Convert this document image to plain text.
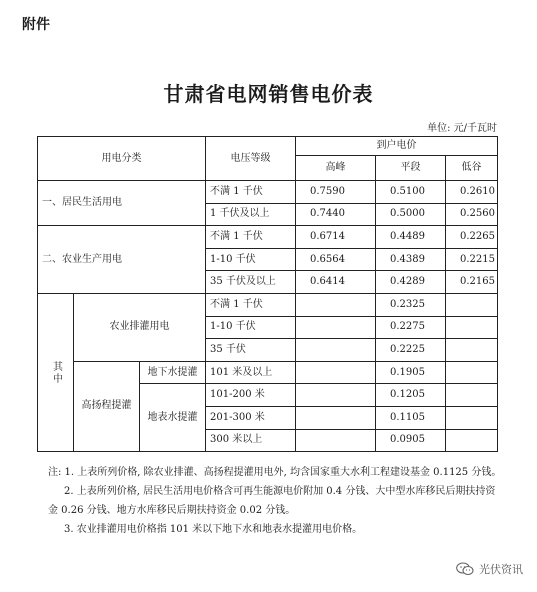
附件
甘肃省电网销售电价表
单位: 元/千瓦时
用电分类			电压等级	到户电价		
				高峰	平段	低谷
一、居民生活用电			不满 1 千伏	0.7590	0.5100	0.2610
			1 千伏及以上	0.7440	0.5000	0.2560
二、农业生产用电			不满 1 千伏	0.6714	0.4489	0.2265
			1-10 千伏	0.6564	0.4389	0.2215
			35 千伏及以上	0.6414	0.4289	0.2165

其中	农业排灌用电		不满 1 千伏		0.2325	
			1-10 千伏		0.2275	
			35 千伏		0.2225	
	高扬程提灌	地下水提灌	101 米及以上		0.1905	
		地表水提灌	101-200 米		0.1205	
			201-300 米		0.1105	
			300 米以上		0.0905	

注: 1. 上表所列价格, 除农业排灌、高扬程提灌用电外, 均含国家重大水利工程建设基金 0.1125 分钱。

2. 上表所列价格, 居民生活用电价格含可再生能源电价附加 0.4 分钱、大中型水库移民后期扶持资金 0.26 分钱、地方水库移民后期扶持资金 0.02 分钱。

3. 农业排灌用电价格指 101 米以下地下水和地表水提灌用电价格。

光伏资讯
